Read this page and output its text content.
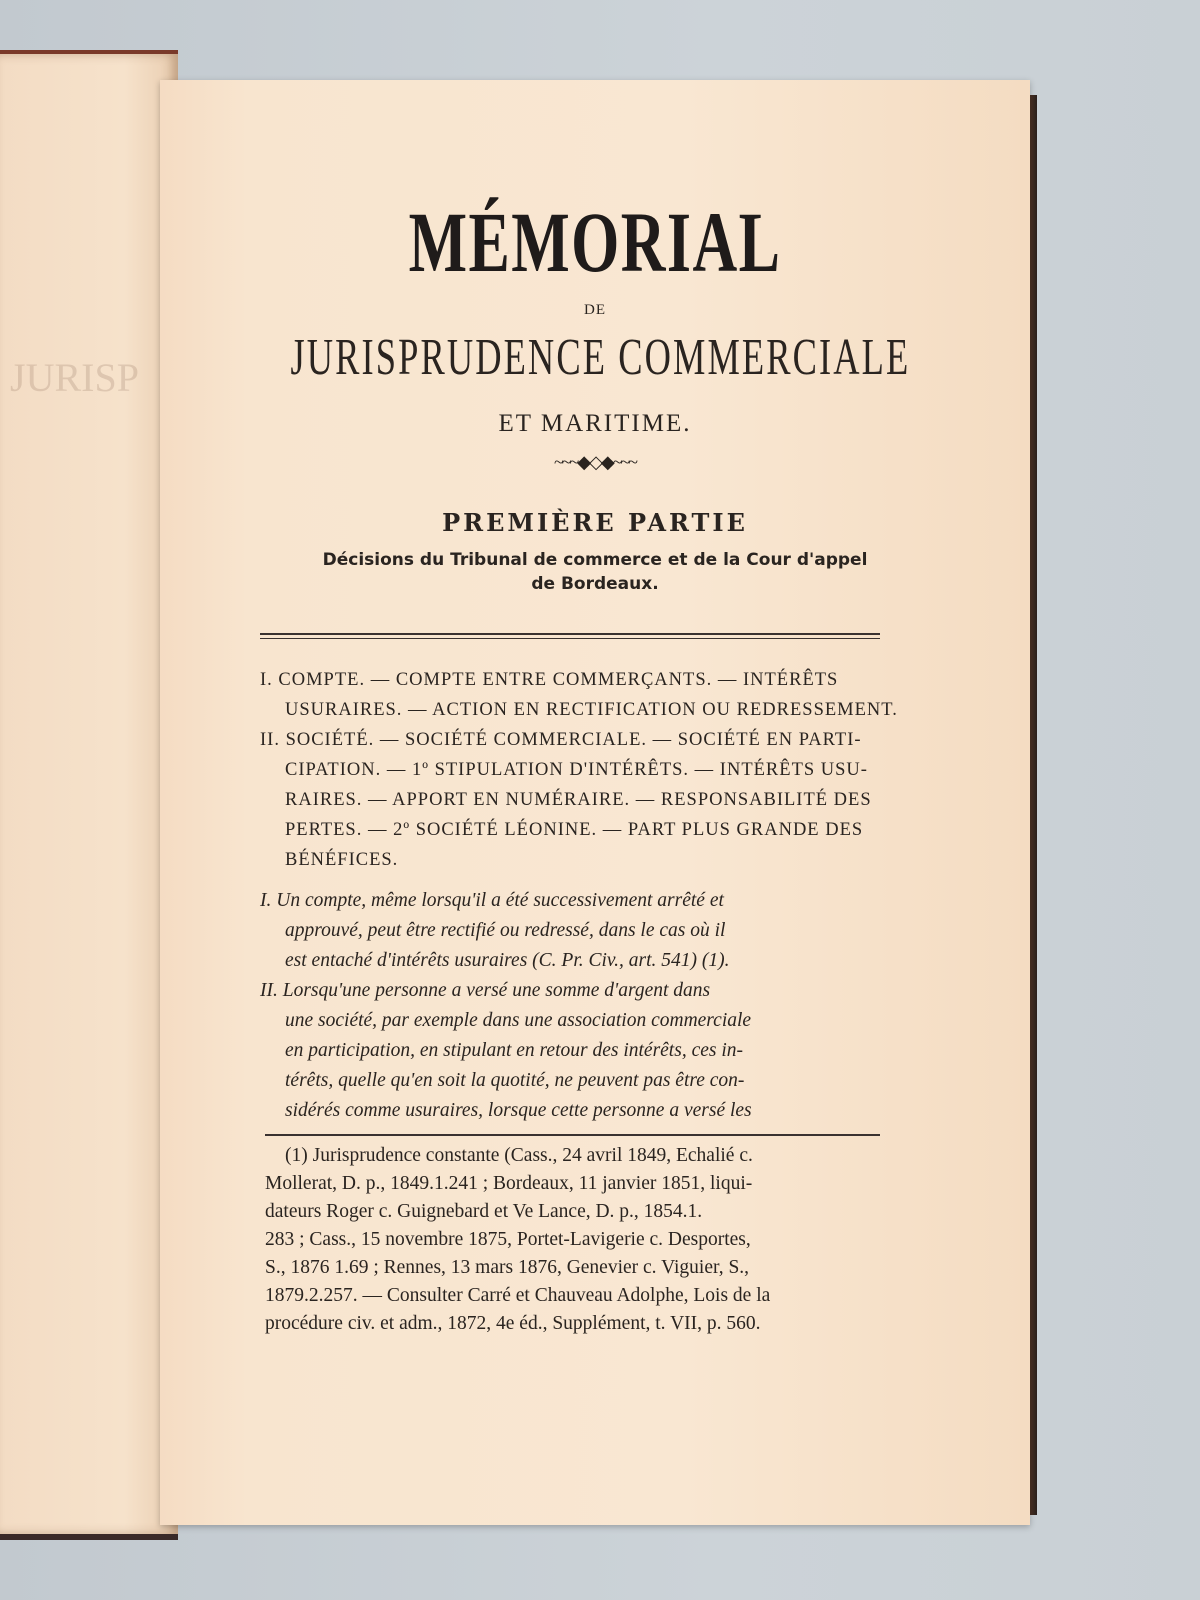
JURISP
MÉMORIAL
DE
JURISPRUDENCE COMMERCIALE
ET MARITIME.
~~~◆◇◆~~~
PREMIÈRE PARTIE
Décisions du Tribunal de commerce et de la Cour d'appel
de Bordeaux.
I. COMPTE. — COMPTE ENTRE COMMERÇANTS. — INTÉRÊTS
USURAIRES. — ACTION EN RECTIFICATION OU REDRESSEMENT.
II. SOCIÉTÉ. — SOCIÉTÉ COMMERCIALE. — SOCIÉTÉ EN PARTI-
CIPATION. — 1º STIPULATION D'INTÉRÊTS. — INTÉRÊTS USU-
RAIRES. — APPORT EN NUMÉRAIRE. — RESPONSABILITÉ DES
PERTES. — 2º SOCIÉTÉ LÉONINE. — PART PLUS GRANDE DES
BÉNÉFICES.
I. Un compte, même lorsqu'il a été successivement arrêté et
approuvé, peut être rectifié ou redressé, dans le cas où il
est entaché d'intérêts usuraires (C. Pr. Civ., art. 541) (1).
II. Lorsqu'une personne a versé une somme d'argent dans
une société, par exemple dans une association commerciale
en participation, en stipulant en retour des intérêts, ces in-
térêts, quelle qu'en soit la quotité, ne peuvent pas être con-
sidérés comme usuraires, lorsque cette personne a versé les
(1) Jurisprudence constante (Cass., 24 avril 1849, Echalié c.
Mollerat, D. p., 1849.1.241 ; Bordeaux, 11 janvier 1851, liqui-
dateurs Roger c. Guignebard et Ve Lance, D. p., 1854.1.
283 ; Cass., 15 novembre 1875, Portet-Lavigerie c. Desportes,
S., 1876 1.69 ; Rennes, 13 mars 1876, Genevier c. Viguier, S.,
1879.2.257. — Consulter Carré et Chauveau Adolphe, Lois de la
procédure civ. et adm., 1872, 4e éd., Supplément, t. VII, p. 560.
